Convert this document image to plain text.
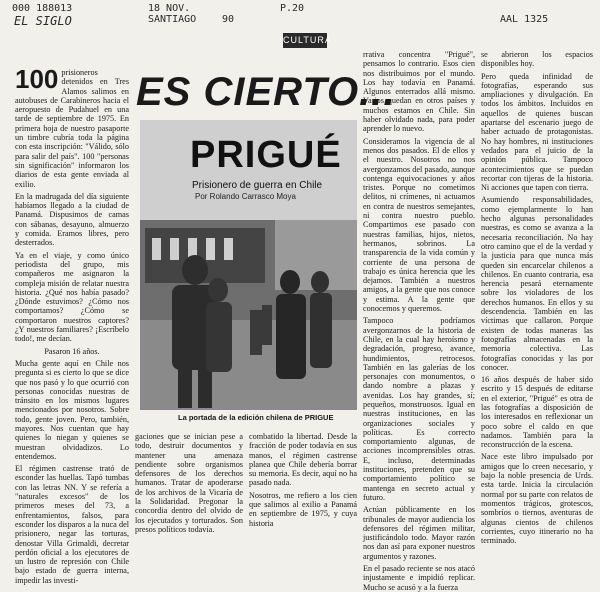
000 188013
EL SIGLO
18 NOV.
SANTIAGO	90
P.20
AAL 1325
CULTURA
ES CIERTO...

100 prisioneros detenidos en Tres Alamos salimos en autobuses de Carabineros hacia el aeropuesto de Pudahuel en una tarde de septiembre de 1975. En primera hoja de nuestro pasaporte un timbre cubría toda la página con esta inscripción: "Válido, sólo para salir del país". 100 "personas sin significación" informaron los diarios de esta gente enviada al exilio.

En la madrugada del día siguiente habíamos llegado a la ciudad de Panamá. Dispusimos de camas con sábanas, desayuno, almuerzo y comida. Eramos libres, pero desterrados.

Ya en el viaje, y como único periodista del grupo, mis compañeros me asignaron la compleja misión de relatar nuestra historia. ¿Qué nos había pasado? ¿Dónde estuvimos? ¿Cómo nos comportamos? ¿Cómo se comportaron nuestros captores? ¿Y nuestros familiares? ¡Escríbelo todo!, me decían.

Pasaron 16 años.

Mucha gente aquí en Chile nos pregunta si es cierto lo que se dice que nos pasó y lo que ocurrió con personas conocidas nuestras de tránsito en los mismos lugares mencionados por nosotros. Sobre todo, gente joven. Pero, también, mayores. Nos cuentan que hay quienes lo niegan y quienes se muestran olvidadizos. Lo entendemos.

El régimen castrense trató de esconder las huellas. Tapó tumbas con las letras NN. Y se refería a "naturales excesos" de los primeros meses del 73, a enfrentamientos, falsos, para esconder los disparos a la nuca del prisionero, negar las torturas, denostar Villa Grimaldi, decretar perdón oficial a los ejecutores de un lustro de represión con Chile bajo estado de guerra interna, impedir las investi-

PRIGUÉ
Prisionero de guerra en Chile
Por Rolando Carrasco Moya
La portada de la edición chilena de PRIGUE

gaciones que se inician pese a todo, destruir documentos y mantener una amenaza pendiente sobre organismos defensores de los derechos humanos. Tratar de apoderarse de los archivos de la Vicaría de la Solidaridad. Pregonar la concordia dentro del olvido de los ejecutados y torturados. Son presos políticos todavía.

combatido la libertad. Desde la fracción de poder todavía en sus manos, el régimen castrense planea que Chile debería borrar su memoria. Es decir, aquí no ha pasado nada.

Nosotros, me refiero a los cien que salimos al exilio a Panamá en septiembre de 1975, y cuya historia

rrativa concentra "Prigué", pensamos lo contrario. Esos cien nos distribuimos por el mundo. Los hay todavía en Panamá. Algunos enterrados allá mismo. Varios quedan en otros países y muchos estamos en Chile. Sin haber olvidado nada, para poder aprender lo nuevo.

Consideramos la vigencia de al menos dos pasados. El de ellos y el nuestro. Nosotros no nos avergonzamos del pasado, aunque contenga equivocaciones y años tristes. Porque no cometimos delitos, ni crímenes, ni actuamos en contra de nuestros semejantes, ni contra nuestro pueblo. Compartimos ese pasado con nuestras familias, hijos, nietos, hermanos, sobrinos. La transparencia de la vida común y corriente de una persona de trabajo es única herencia que les dejamos. También a nuestros amigos, a la gente que nos conoce y estima. A la gente que conocemos y queremos.

Tampoco podríamos avergonzarnos de la historia de Chile, en la cual hay heroísmo y degradación, progreso, avance, hundimientos, retrocesos. También en las galerías de los personajes con monumentos, o dando nombre a plazas y avenidas. Los hay grandes, sí; pequeños, monstruosos. Igual en nuestras instituciones, en las organizaciones sociales y políticas. Es correcto comportamiento algunas, de acciones incomprensibles otras. E, incluso, determinadas instituciones, pretenden que su comportamiento político se mantenga en secreto actual y futuro.

Actúan públicamente en los tribunales de mayor audiencia los defensores del régimen militar, justificándolo todo. Mayor razón nos dan así para exponer nuestros argumentos y razones.

En el pasado reciente se nos atacó injustamente e impidió replicar. Mucho se acusó y a la fuerza

se abrieron los espacios disponibles hoy.

Pero queda infinidad de fotografías, esperando sus ampliaciones y divulgación. En todos los ámbitos. Incluidos en aquellos de quienes buscan apartarse del escenario juego de haber actuado de protagonistas. No hay hombres, ni instituciones vedados para el juicio de la opinión pública. Tampoco acontecimientos que se puedan recortar con tijeras de la historia. Ni acciones que tapen con tierra.

Asumiendo responsabilidades, como ejemplarmente lo han hecho algunas personalidades nuestras, es como se avanza a la necesaria reconciliación. No hay otro camino que el de la verdad y la justicia para que nunca más queden sin encarcelar chilenos a chilenos. En cuanto contraria, esa herencia pesará eternamente sobre los violadores de los derechos humanos. En ellos y su descendencia. También en las víctimas que callaron. Porque existen de todas maneras las fotografías almacenadas en la memoria colectiva. Las fotografías conocidas y las por conocer.

16 años después de haber sido escrito y 15 después de editarse en el exterior, "Prigué" es otra de las fotografías a disposición de los interesados en reflexionar un poco sobre el caldo en que nadamos. También para la reconstrucción de la escena.

Nace este libro impulsado por amigos que lo creen necesario, y bajo la noble presencia de Urds. esta tarde. Inicia la circulación normal por su parte con relatos de momentos trágicos, grotescos, sombríos o tiernos, aventuras de algunas cientos de chilenos corrientes, cuyo itinerario no ha terminado.
